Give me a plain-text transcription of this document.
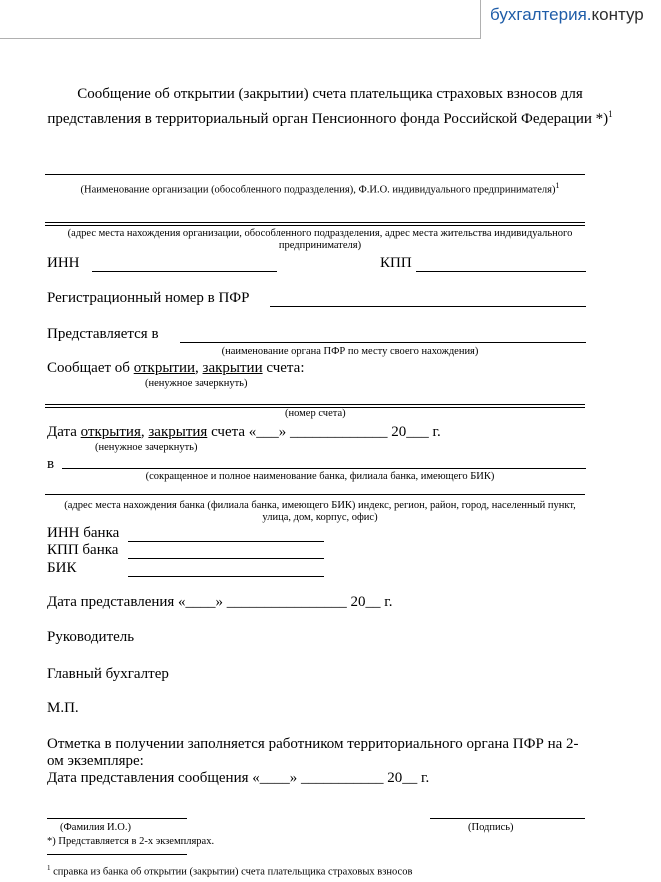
бухгалтерия.контур
Сообщение об открытии (закрытии) счета плательщика страховых взносов для представления в территориальный орган Пенсионного фонда Российской Федерации *)$^1$
(Наименование организации (обособленного подразделения), Ф.И.О. индивидуального предпринимателя)$^1$
(адрес места нахождения организации, обособленного подразделения, адрес места жительства индивидуального предпринимателя)
ИНН	КПП
Регистрационный номер в ПФР
Представляется в
(наименование органа ПФР по месту своего нахождения)
Сообщает об открытии, закрытии счета:
(ненужное зачеркнуть)
(номер счета)
Дата открытия, закрытия счета «___» _____________ 20___ г.
(ненужное зачеркнуть)
в
(сокращенное и полное наименование банка, филиала банка, имеющего БИК)
(адрес места нахождения банка (филиала банка, имеющего БИК) индекс, регион, район, город, населенный пункт, улица, дом, корпус, офис)
ИНН банка
КПП банка
БИК
Дата представления «____» ________________ 20__ г.
Руководитель
Главный бухгалтер
М.П.
Отметка в получении заполняется работником территориального органа ПФР на 2-ом экземпляре:
Дата представления сообщения «____» ___________ 20__ г.
(Фамилия И.О.)	(Подпись)
*) Представляется в 2-х экземплярах.
$^1$ справка из банка об открытии (закрытии) счета плательщика страховых взносов
